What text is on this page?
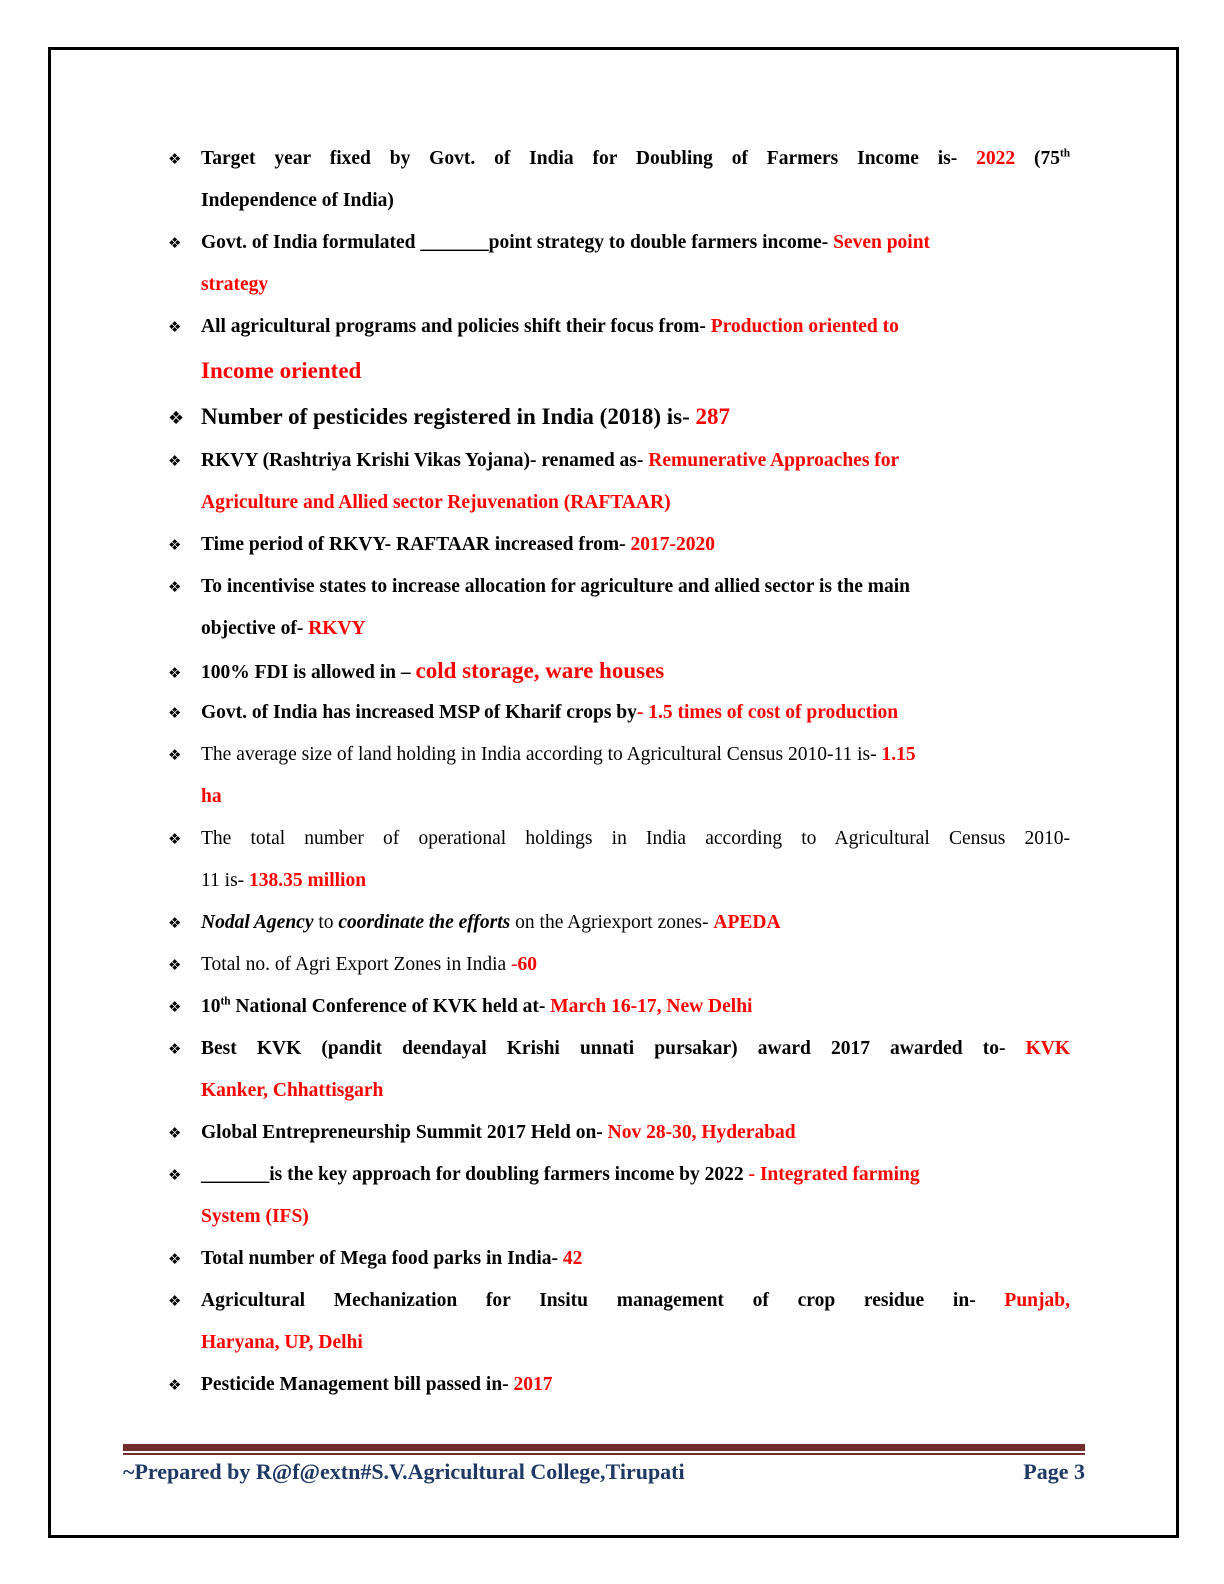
❖	Target year fixed by Govt. of India for Doubling of Farmers Income is- 2022 (75th
Independence of India)
❖	Govt. of India formulated _______point strategy to double farmers income- Seven point
strategy
❖	All agricultural programs and policies shift their focus from- Production oriented to
Income oriented
❖ Number of pesticides registered in India (2018) is- 287
❖	RKVY (Rashtriya Krishi Vikas Yojana)- renamed as- Remunerative Approaches for
Agriculture and Allied sector Rejuvenation (RAFTAAR)
❖	Time period of RKVY- RAFTAAR increased from- 2017-2020
❖	To incentivise states to increase allocation for agriculture and allied sector is the main
objective of- RKVY
❖	100% FDI is allowed in – cold storage, ware houses
❖	Govt. of India has increased MSP of Kharif crops by- 1.5 times of cost of production
❖	The average size of land holding in India according to Agricultural Census 2010-11 is- 1.15
ha
❖	The total number of operational holdings in India according to Agricultural Census 2010-
11 is- 138.35 million
❖	Nodal Agency to coordinate the efforts on the Agriexport zones- APEDA
❖	Total no. of Agri Export Zones in India -60
❖	10th National Conference of KVK held at- March 16-17, New Delhi
❖	Best KVK (pandit deendayal Krishi unnati pursakar) award 2017 awarded to- KVK
Kanker, Chhattisgarh
❖	Global Entrepreneurship Summit 2017 Held on- Nov 28-30, Hyderabad
❖	_______is the key approach for doubling farmers income by 2022 - Integrated farming
System (IFS)
❖	Total number of Mega food parks in India- 42
❖	Agricultural Mechanization for Insitu management of crop residue in- Punjab,
Haryana, UP, Delhi
❖	Pesticide Management bill passed in- 2017
~Prepared by R@f@extn#S.V.Agricultural College,Tirupati	Page 3
